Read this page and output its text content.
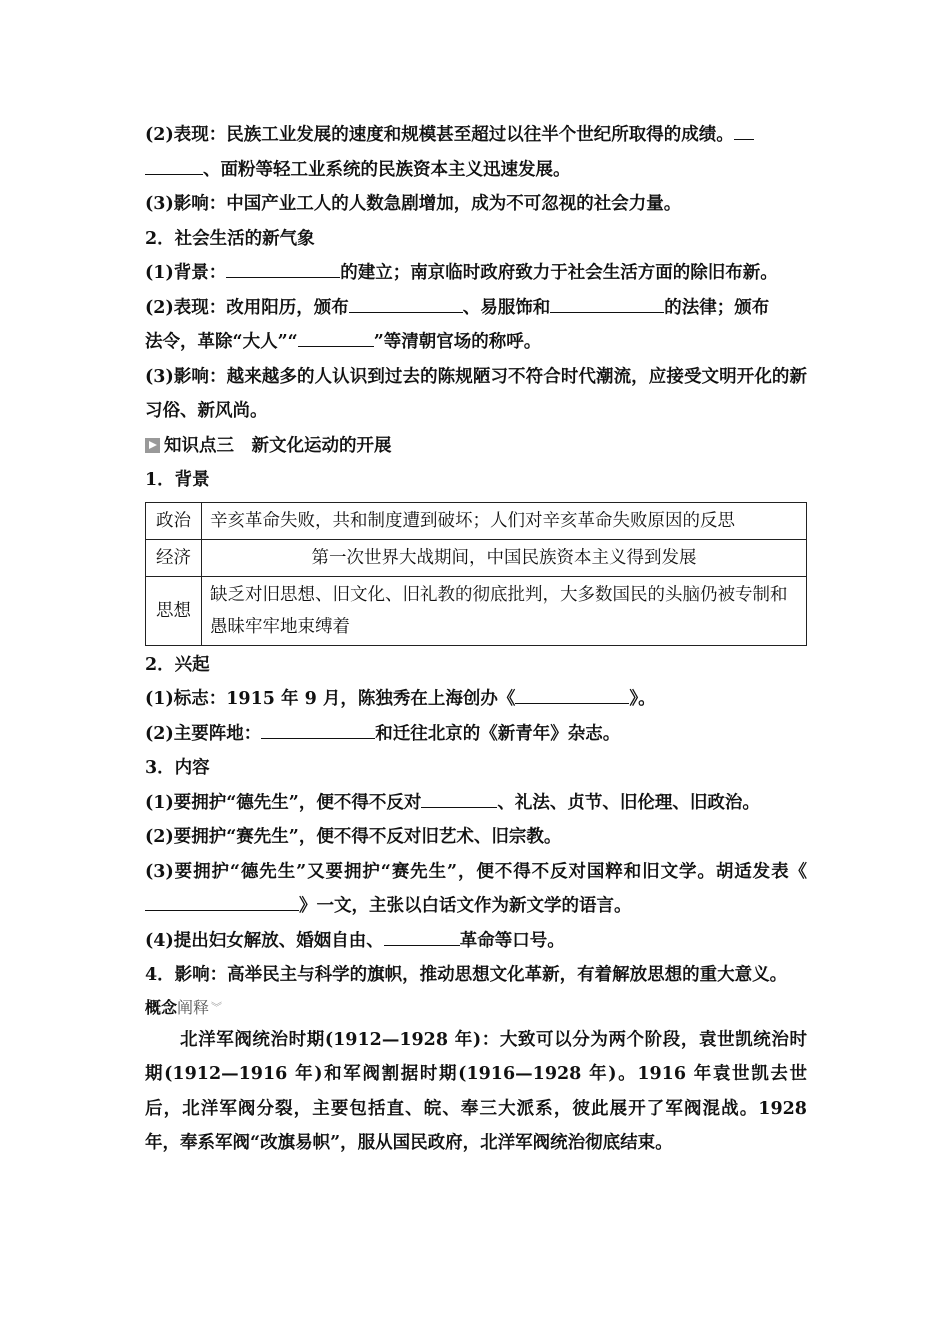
(2)表现：民族工业发展的速度和规模甚至超过以往半个世纪所取得的成绩。
、面粉等轻工业系统的民族资本主义迅速发展。
(3)影响：中国产业工人的人数急剧增加，成为不可忽视的社会力量。
2．社会生活的新气象
(1)背景：	的建立；南京临时政府致力于社会生活方面的除旧布新。
(2)表现：改用阳历，颁布	、易服饰和	的法律；颁布
法令，革除“大人”“	”等清朝官场的称呼。
(3)影响：越来越多的人认识到过去的陈规陋习不符合时代潮流，应接受文明开化的新习俗、新风尚。
知识点三　新文化运动的开展
1．背景
政治	辛亥革命失败，共和制度遭到破坏；人们对辛亥革命失败原因的反思
经济	第一次世界大战期间，中国民族资本主义得到发展
思想	缺乏对旧思想、旧文化、旧礼教的彻底批判，大多数国民的头脑仍被专制和愚昧牢牢地束缚着
2．兴起
(1)标志：1915 年 9 月，陈独秀在上海创办《	》。
(2)主要阵地：	和迁往北京的《新青年》杂志。
3．内容
(1)要拥护“德先生”，便不得不反对	、礼法、贞节、旧伦理、旧政治。
(2)要拥护“赛先生”，便不得不反对旧艺术、旧宗教。
(3)要拥护“德先生”又要拥护“赛先生”，便不得不反对国粹和旧文学。胡适发表《》一文，主张以白话文作为新文学的语言。
(4)提出妇女解放、婚姻自由、	革命等口号。
4．影响：高举民主与科学的旗帜，推动思想文化革新，有着解放思想的重大意义。
概念 阐释 ︾
北洋军阀统治时期(1912—1928 年)：大致可以分为两个阶段，袁世凯统治时期(1912—1916 年)和军阀割据时期(1916—1928 年)。1916 年袁世凯去世后，北洋军阀分裂，主要包括直、皖、奉三大派系，彼此展开了军阀混战。1928 年，奉系军阀“改旗易帜”，服从国民政府，北洋军阀统治彻底结束。
